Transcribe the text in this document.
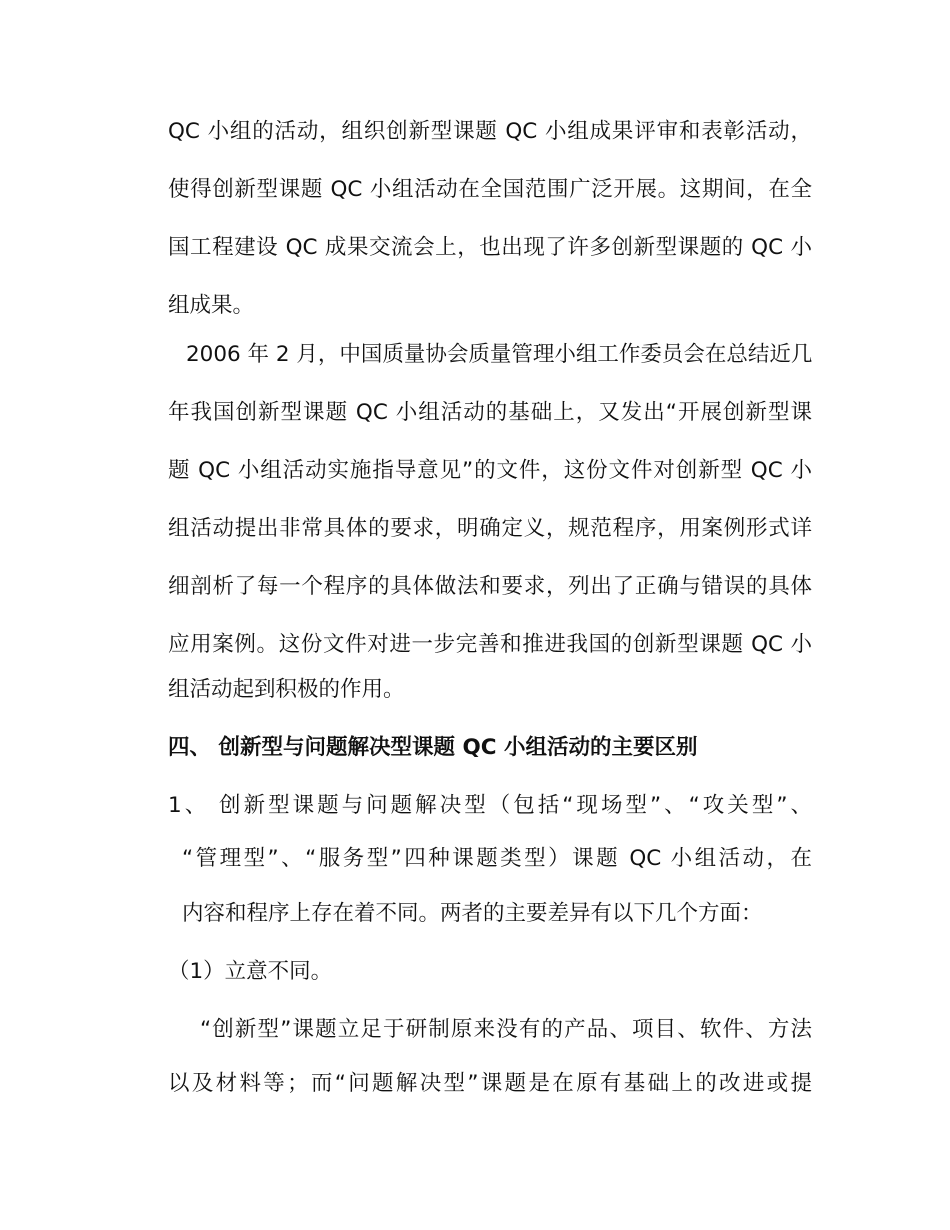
QC 小组的活动，组织创新型课题 QC 小组成果评审和表彰活动，
使得创新型课题 QC 小组活动在全国范围广泛开展。这期间，在全
国工程建设 QC 成果交流会上，也出现了许多创新型课题的 QC 小
组成果。
2006 年 2 月，中国质量协会质量管理小组工作委员会在总结近几
年我国创新型课题 QC 小组活动的基础上，又发出“开展创新型课
题 QC 小组活动实施指导意见”的文件，这份文件对创新型 QC 小
组活动提出非常具体的要求，明确定义，规范程序，用案例形式详
细剖析了每一个程序的具体做法和要求，列出了正确与错误的具体
应用案例。这份文件对进一步完善和推进我国的创新型课题 QC 小
组活动起到积极的作用。
四、 创新型与问题解决型课题 QC 小组活动的主要区别
1、 创新型课题与问题解决型（包括“现场型”、“攻关型”、
“管理型”、“服务型”四种课题类型）课题 QC 小组活动，在
内容和程序上存在着不同。两者的主要差异有以下几个方面：
（1）立意不同。
“创新型”课题立足于研制原来没有的产品、项目、软件、方法
以及材料等；而“问题解决型”课题是在原有基础上的改进或提
